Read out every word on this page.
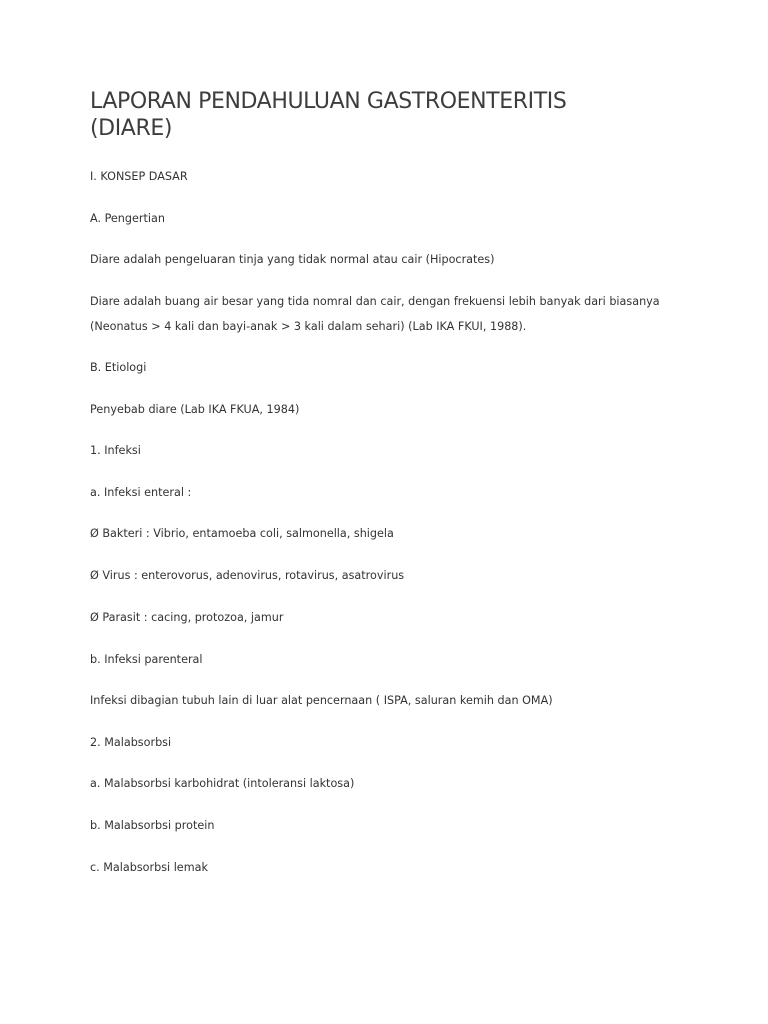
LAPORAN PENDAHULUAN GASTROENTERITIS
(DIARE)

I. KONSEP DASAR

A. Pengertian

Diare adalah pengeluaran tinja yang tidak normal atau cair (Hipocrates)

Diare adalah buang air besar yang tida nomral dan cair, dengan frekuensi lebih banyak dari biasanya

(Neonatus > 4 kali dan bayi-anak > 3 kali dalam sehari) (Lab IKA FKUI, 1988).

B. Etiologi

Penyebab diare (Lab IKA FKUA, 1984)

1. Infeksi

a. Infeksi enteral :

Ø Bakteri : Vibrio, entamoeba coli, salmonella, shigela

Ø Virus : enterovorus, adenovirus, rotavirus, asatrovirus

Ø Parasit : cacing, protozoa, jamur

b. Infeksi parenteral

Infeksi dibagian tubuh lain di luar alat pencernaan ( ISPA, saluran kemih dan OMA)

2. Malabsorbsi

a. Malabsorbsi karbohidrat (intoleransi laktosa)

b. Malabsorbsi protein

c. Malabsorbsi lemak
